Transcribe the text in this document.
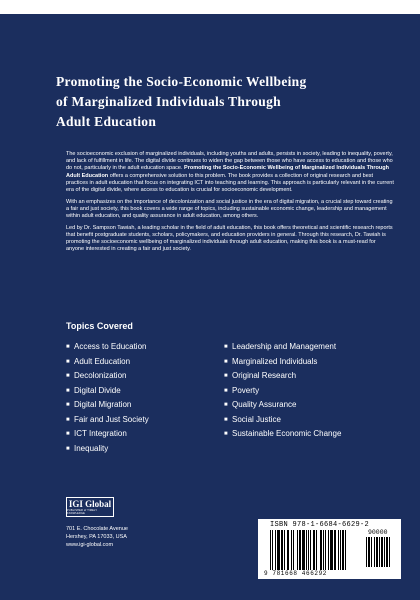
Promoting the Socio-Economic Wellbeing
of Marginalized Individuals Through
Adult Education

The socioeconomic exclusion of marginalized individuals, including youths and adults, persists in society, leading to inequality, poverty, and lack of fulfillment in life. The digital divide continues to widen the gap between those who have access to education and those who do not, particularly in the adult education space. Promoting the Socio-Economic Wellbeing of Marginalized Individuals Through Adult Education offers a comprehensive solution to this problem. The book provides a collection of original research and best practices in adult education that focus on integrating ICT into teaching and learning. This approach is particularly relevant in the current era of the digital divide, where access to education is crucial for socioeconomic development.

With an emphasizes on the importance of decolonization and social justice in the era of digital migration, a crucial step toward creating a fair and just society, this book covers a wide range of topics, including sustainable economic change, leadership and management within adult education, and quality assurance in adult education, among others.

Led by Dr. Sampson Tawiah, a leading scholar in the field of adult education, this book offers theoretical and scientific research reports that benefit postgraduate students, scholars, policymakers, and education providers in general. Through this research, Dr. Tawiah is promoting the socioeconomic wellbeing of marginalized individuals through adult education, making this book is a must-read for anyone interested in creating a fair and just society.

Topics Covered
■ Access to Education
■ Adult Education
■ Decolonization
■ Digital Divide
■ Digital Migration
■ Fair and Just Society
■ ICT Integration
■ Inequality
■ Leadership and Management
■ Marginalized Individuals
■ Original Research
■ Poverty
■ Quality Assurance
■ Social Justice
■ Sustainable Economic Change
IGI Global
PUBLISHER of TIMELY KNOWLEDGE
701 E. Chocolate Avenue
Hershey, PA 17033, USA
www.igi-global.com
ISBN 978-1-6684-6629-2
90000
9 781668 466292
